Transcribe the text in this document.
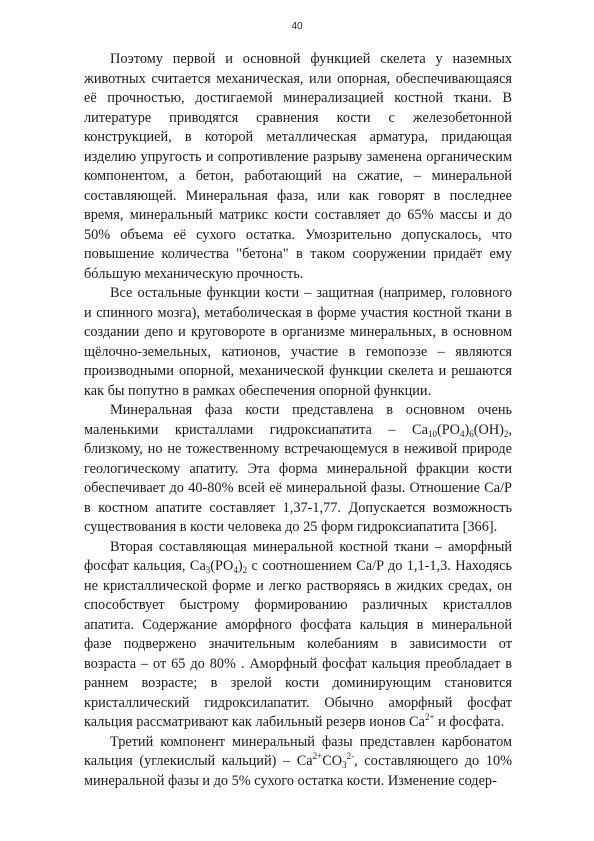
40

Поэтому первой и основной функцией скелета у наземных животных считается механическая, или опорная, обеспечивающаяся её прочностью, достигаемой минерализацией костной ткани. В литературе приводятся сравнения кости с железобетонной конструкцией, в которой металлическая арматура, придающая изделию упругость и сопротивление разрыву заменена органическим компонентом, а бетон, работающий на сжатие, – минеральной составляющей. Минеральная фаза, или как говорят в последнее время, минеральный матрикс кости составляет до 65% массы и до 50% объема её сухого остатка. Умозрительно допускалось, что повышение количества "бетона" в таком сооружении придаёт ему бóльшую механическую прочность.

Все остальные функции кости – защитная (например, головного и спинного мозга), метаболическая в форме участия костной ткани в создании депо и круговороте в организме минеральных, в основном щёлочно-земельных, катионов, участие в гемопоэзе – являются производными опорной, механической функции скелета и решаются как бы попутно в рамках обеспечения опорной функции.

Минеральная фаза кости представлена в основном очень маленькими кристаллами гидроксиапатита – $Ca_{10}(PO_4)_6(OH)_2$, близкому, но не тожественному встречающемуся в неживой природе геологическому апатиту. Эта форма минеральной фракции кости обеспечивает до 40-80% всей её минеральной фазы. Отношение Ca/P в костном апатите составляет 1,37-1,77. Допускается возможность существования в кости человека до 25 форм гидроксиапатита [366].

Вторая составляющая минеральной костной ткани – аморфный фосфат кальция, $Ca_3(PO_4)_2$ с соотношением Ca/P до 1,1-1,3. Находясь не кристаллической форме и легко растворяясь в жидких средах, он способствует быстрому формированию различных кристаллов апатита. Содержание аморфного фосфата кальция в минеральной фазе подвержено значительным колебаниям в зависимости от возраста – от 65 до 80% . Аморфный фосфат кальция преобладает в раннем возрасте; в зрелой кости доминирующим становится кристаллический гидроксилапатит. Обычно аморфный фосфат кальция рассматривают как лабильный резерв ионов $Ca^{2+}$ и фосфата.

Третий компонент минеральный фазы представлен карбонатом кальция (углекислый кальций) – $Ca^{2+}CO_3^{2-}$, составляющего до 10% минеральной фазы и до 5% сухого остатка кости. Изменение содер-
